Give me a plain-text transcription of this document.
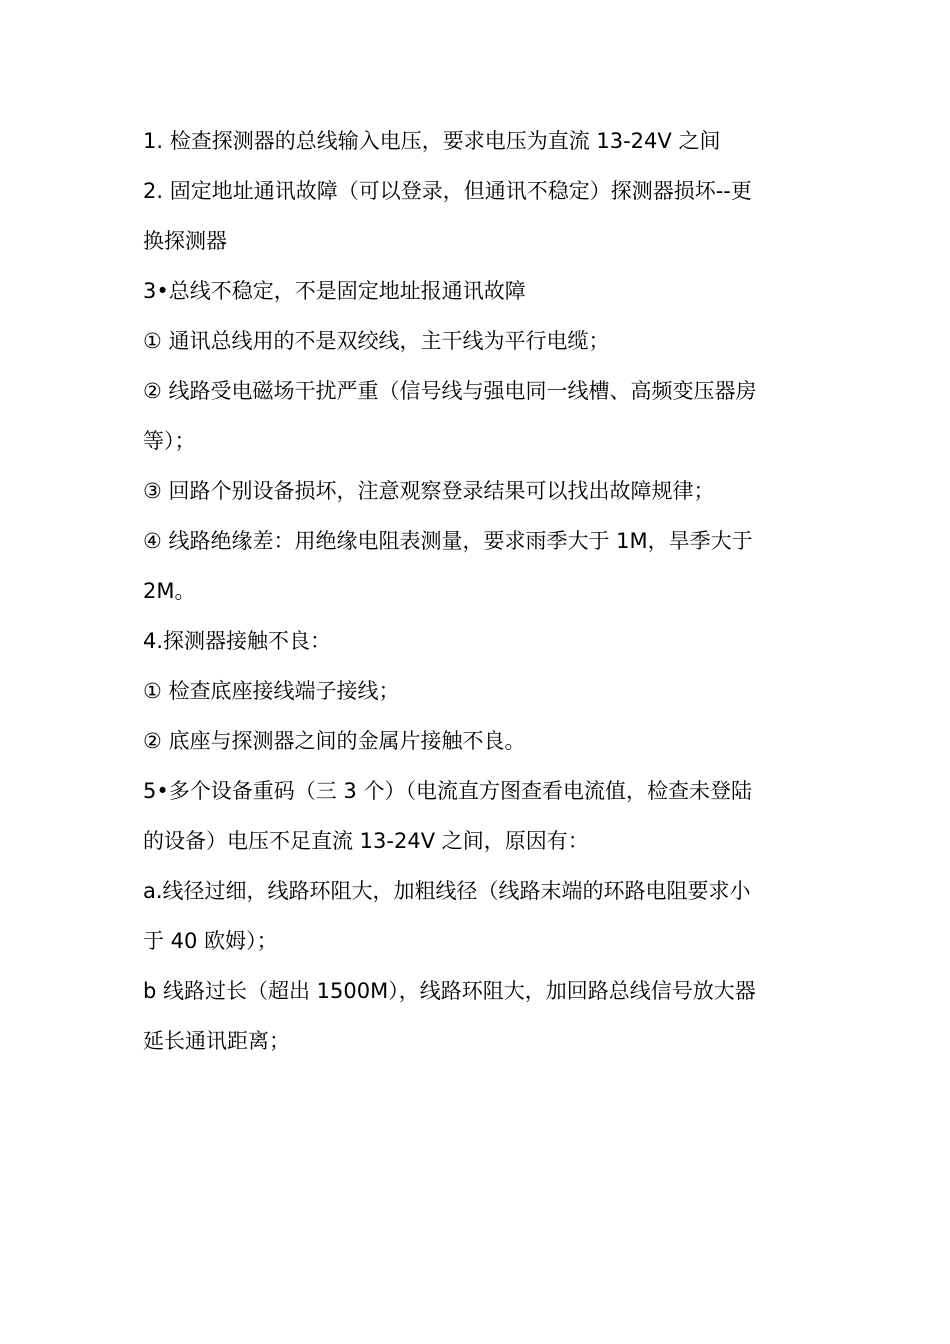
1. 检查探测器的总线输入电压，要求电压为直流 13-24V 之间
2. 固定地址通讯故障（可以登录，但通讯不稳定）探测器损坏--更
换探测器
3•总线不稳定，不是固定地址报通讯故障
① 通讯总线用的不是双绞线，主干线为平行电缆；
② 线路受电磁场干扰严重（信号线与强电同一线槽、高频变压器房
等）；
③ 回路个别设备损坏，注意观察登录结果可以找出故障规律；
④ 线路绝缘差：用绝缘电阻表测量，要求雨季大于 1M，旱季大于
2M。
4.探测器接触不良：
① 检查底座接线端子接线；
② 底座与探测器之间的金属片接触不良。
5•多个设备重码（三 3 个）（电流直方图查看电流值，检查未登陆
的设备）电压不足直流 13-24V 之间，原因有：
a.线径过细，线路环阻大，加粗线径（线路末端的环路电阻要求小
于 40 欧姆）；
b 线路过长（超出 1500M），线路环阻大，加回路总线信号放大器
延长通讯距离；
